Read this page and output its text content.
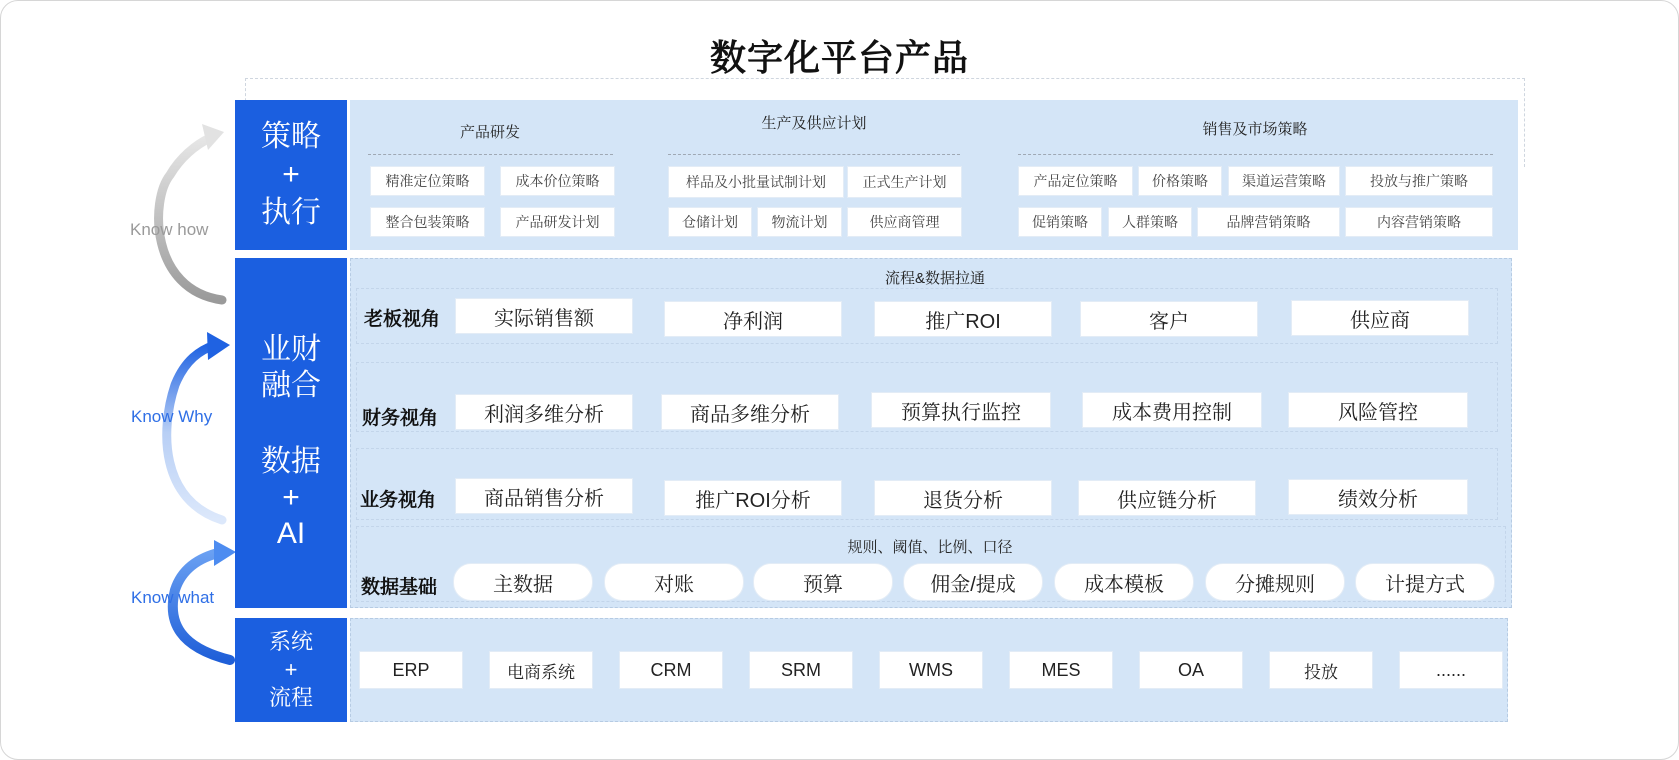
数字化平台产品
Know how
Know Why
Know what
策略
+
执行
业财
融合
数据
+
AI
系统
+
流程
产品研发
精准定位策略	成本价位策略
整合包装策略	产品研发计划
生产及供应计划
样品及小批量试制计划	正式生产计划
仓储计划	物流计划	供应商管理
销售及市场策略
产品定位策略	价格策略	渠道运营策略	投放与推广策略
促销策略	人群策略	品牌营销策略	内容营销策略
流程&数据拉通
老板视角	实际销售额	净利润	推广ROI	客户	供应商
财务视角	利润多维分析	商品多维分析	预算执行监控	成本费用控制	风险管控
业务视角	商品销售分析	推广ROI分析	退货分析	供应链分析	绩效分析
规则、阈值、比例、口径
数据基础	主数据	对账	预算	佣金/提成	成本模板	分摊规则	计提方式
ERP	电商系统	CRM	SRM	WMS	MES	OA	投放	......
